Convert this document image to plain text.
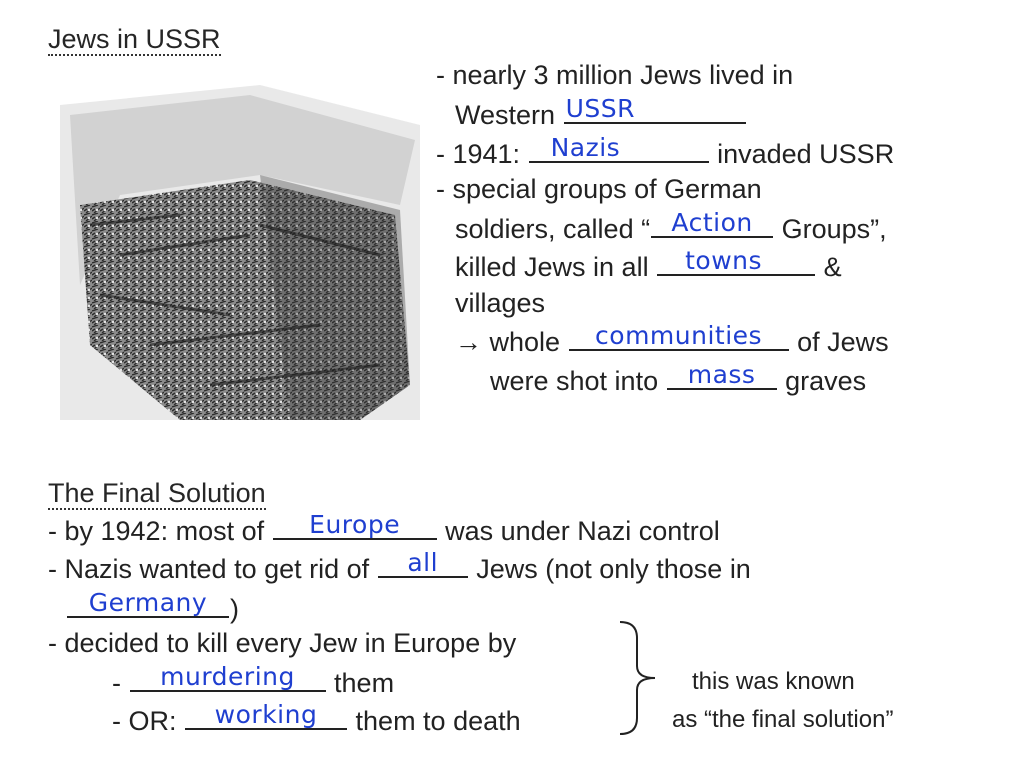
Jews in USSR
- nearly 3 million Jews lived in
Western USSR
- 1941:	Nazis	invaded USSR
- special groups of German
soldiers, called “ Action	Groups”,
killed Jews in all	towns	&
villages
→ whole	communities	of Jews
were shot into	mass	graves
The Final Solution
- by 1942: most of	Europe	was under Nazi control
- Nazis wanted to get rid of	all	Jews (not only those in
Germany )
- decided to kill every Jew in Europe by
-	murdering	them
- OR:	working	them to death
this was known
as “the final solution”
